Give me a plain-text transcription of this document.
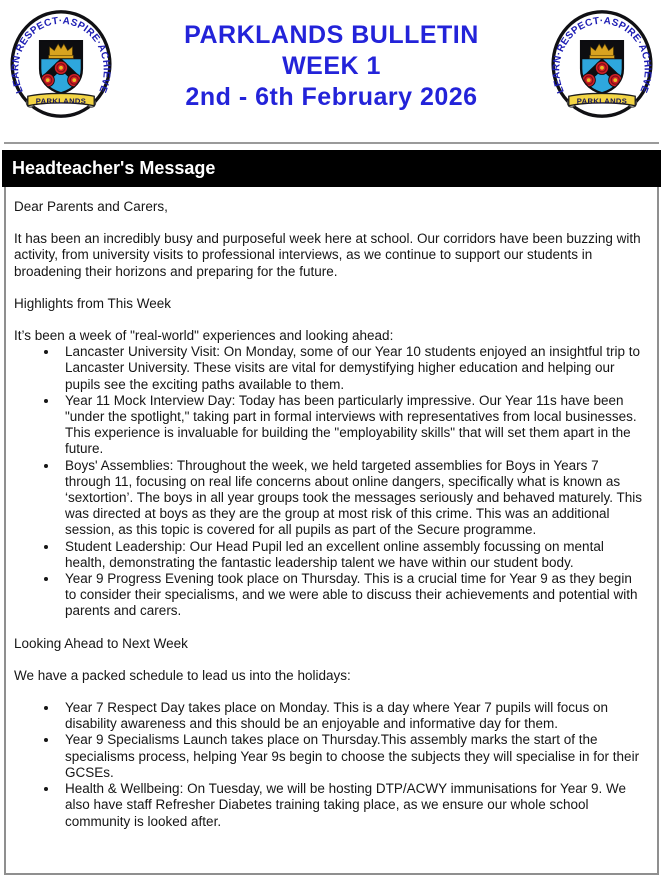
LEARN·RESPECT·ASPIRE·ACHIEVE
PARKLANDS
PARKLANDS BULLETIN
WEEK 1
2nd - 6th February 2026	LEARN·RESPECT·ASPIRE·ACHIEVE
PARKLANDS
Headteacher's Message

Dear Parents and Carers,

It has been an incredibly busy and purposeful week here at school. Our corridors have been buzzing with activity, from university visits to professional interviews, as we continue to support our students in broadening their horizons and preparing for the future.

Highlights from This Week

It’s been a week of "real-world" experiences and looking ahead:

• Lancaster University Visit: On Monday, some of our Year 10 students enjoyed an insightful trip to Lancaster University. These visits are vital for demystifying higher education and helping our pupils see the exciting paths available to them.
• Year 11 Mock Interview Day: Today has been particularly impressive. Our Year 11s have been "under the spotlight," taking part in formal interviews with representatives from local businesses. This experience is invaluable for building the "employability skills" that will set them apart in the future.
• Boys' Assemblies: Throughout the week, we held targeted assemblies for Boys in Years 7 through 11, focusing on real life concerns about online dangers, specifically what is known as ‘sextortion’. The boys in all year groups took the messages seriously and behaved maturely. This was directed at boys as they are the group at most risk of this crime. This was an additional session, as this topic is covered for all pupils as part of the Secure programme.
• Student Leadership: Our Head Pupil led an excellent online assembly focussing on mental health, demonstrating the fantastic leadership talent we have within our student body.
• Year 9 Progress Evening took place on Thursday. This is a crucial time for Year 9 as they begin to consider their specialisms, and we were able to discuss their achievements and potential with parents and carers.

Looking Ahead to Next Week

We have a packed schedule to lead us into the holidays:

• Year 7 Respect Day takes place on Monday. This is a day where Year 7 pupils will focus on disability awareness and this should be an enjoyable and informative day for them.
• Year 9 Specialisms Launch takes place on Thursday.This assembly marks the start of the specialisms process, helping Year 9s begin to choose the subjects they will specialise in for their GCSEs.
• Health & Wellbeing: On Tuesday, we will be hosting DTP/ACWY immunisations for Year 9. We also have staff Refresher Diabetes training taking place, as we ensure our whole school community is looked after.
